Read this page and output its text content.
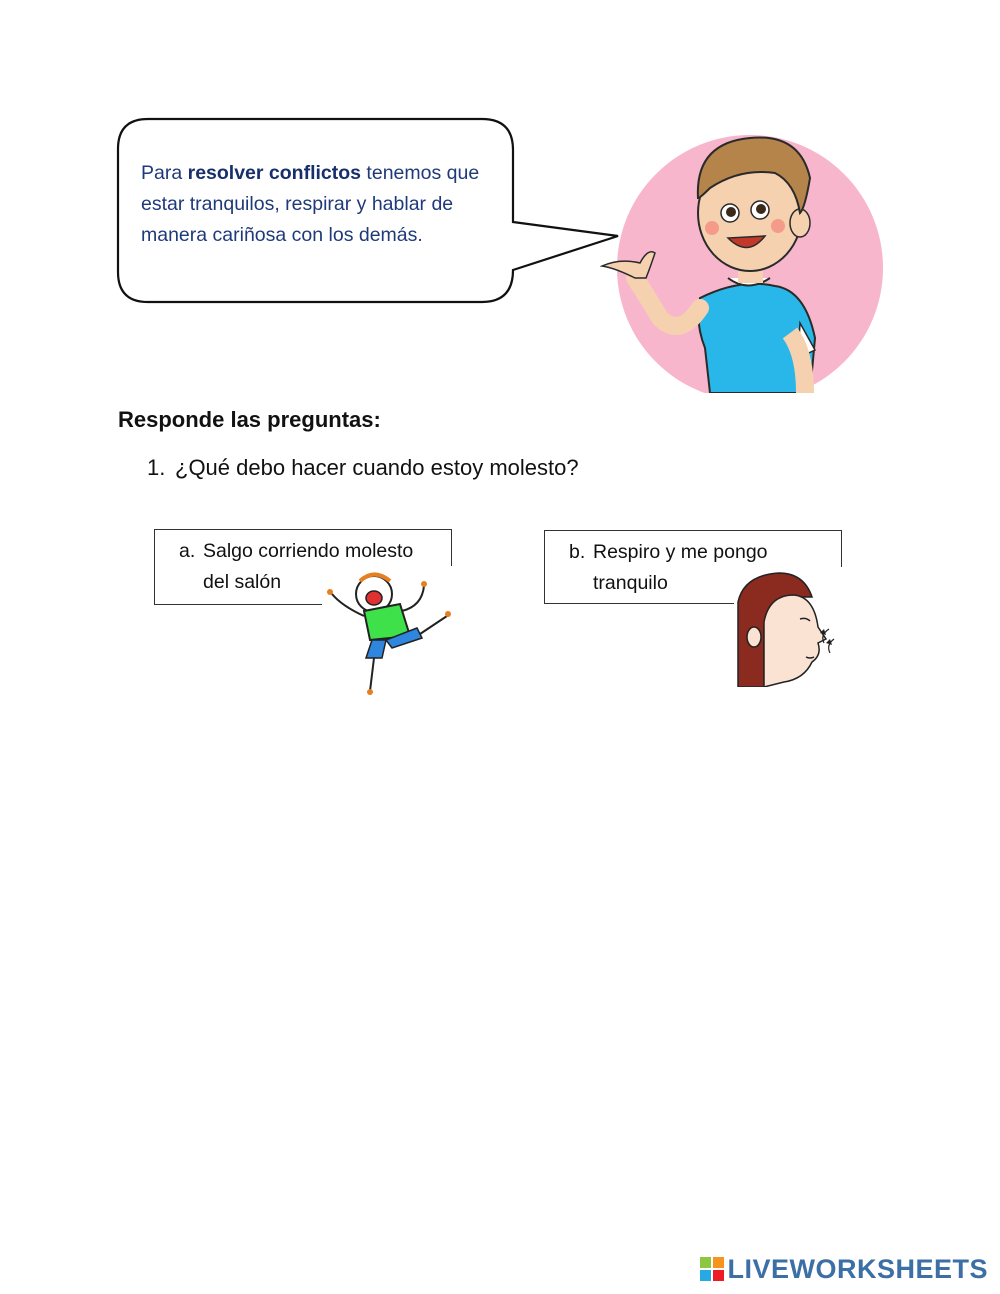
Para resolver conflictos tenemos que estar tranquilos, respirar y hablar de manera cariñosa con los demás.
Responde las preguntas:
1. ¿Qué debo hacer cuando estoy molesto?
a. Salgo corriendo molesto
del salón
b. Respiro y me pongo
tranquilo
LIVEWORKSHEETS
